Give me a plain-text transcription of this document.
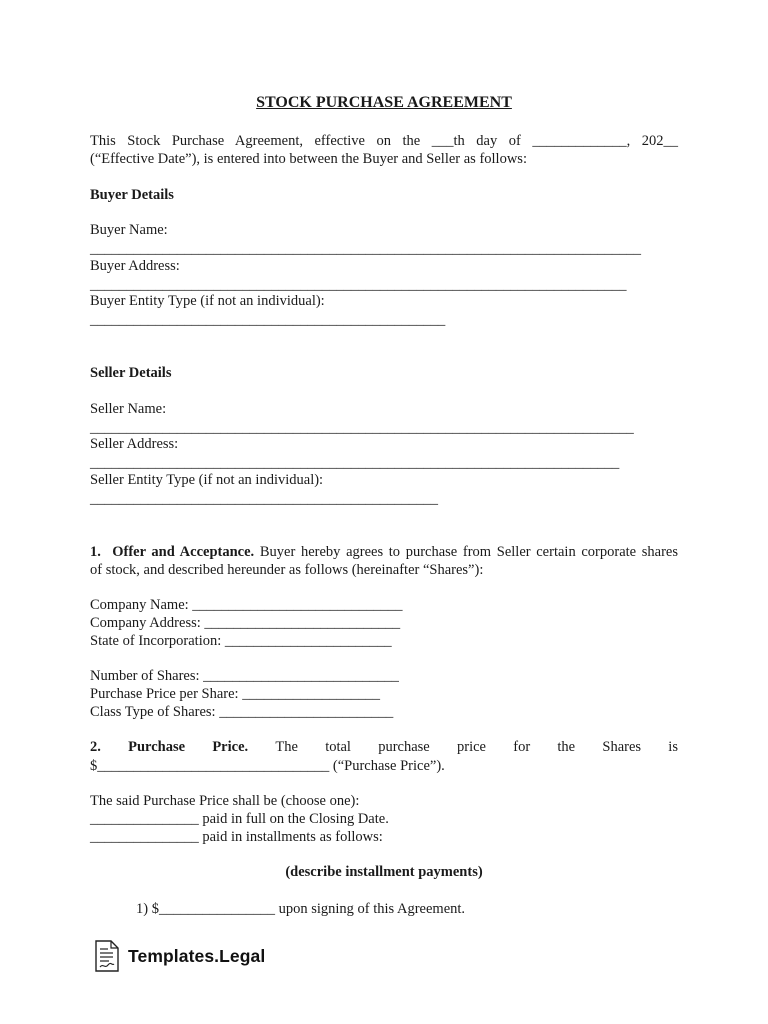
STOCK PURCHASE AGREEMENT
This Stock Purchase Agreement, effective on the ___th day of _____________, 202__
(“Effective Date”), is entered into between the Buyer and Seller as follows:
Buyer Details
Buyer Name:
____________________________________________________________________________
Buyer Address:
__________________________________________________________________________
Buyer Entity Type (if not an individual):
_________________________________________________
Seller Details
Seller Name:
___________________________________________________________________________
Seller Address:
_________________________________________________________________________
Seller Entity Type (if not an individual):
________________________________________________
1. Offer and Acceptance. Buyer hereby agrees to purchase from Seller certain corporate shares
of stock, and described hereunder as follows (hereinafter “Shares”):
Company Name: _____________________________
Company Address: ___________________________
State of Incorporation: _______________________
Number of Shares: ___________________________
Purchase Price per Share: ___________________
Class Type of Shares: ________________________
2. Purchase Price. The total purchase price for the Shares is
$________________________________ (“Purchase Price”).
The said Purchase Price shall be (choose one):
_______________ paid in full on the Closing Date.
_______________ paid in installments as follows:
(describe installment payments)
1) $________________ upon signing of this Agreement.
Templates.Legal
